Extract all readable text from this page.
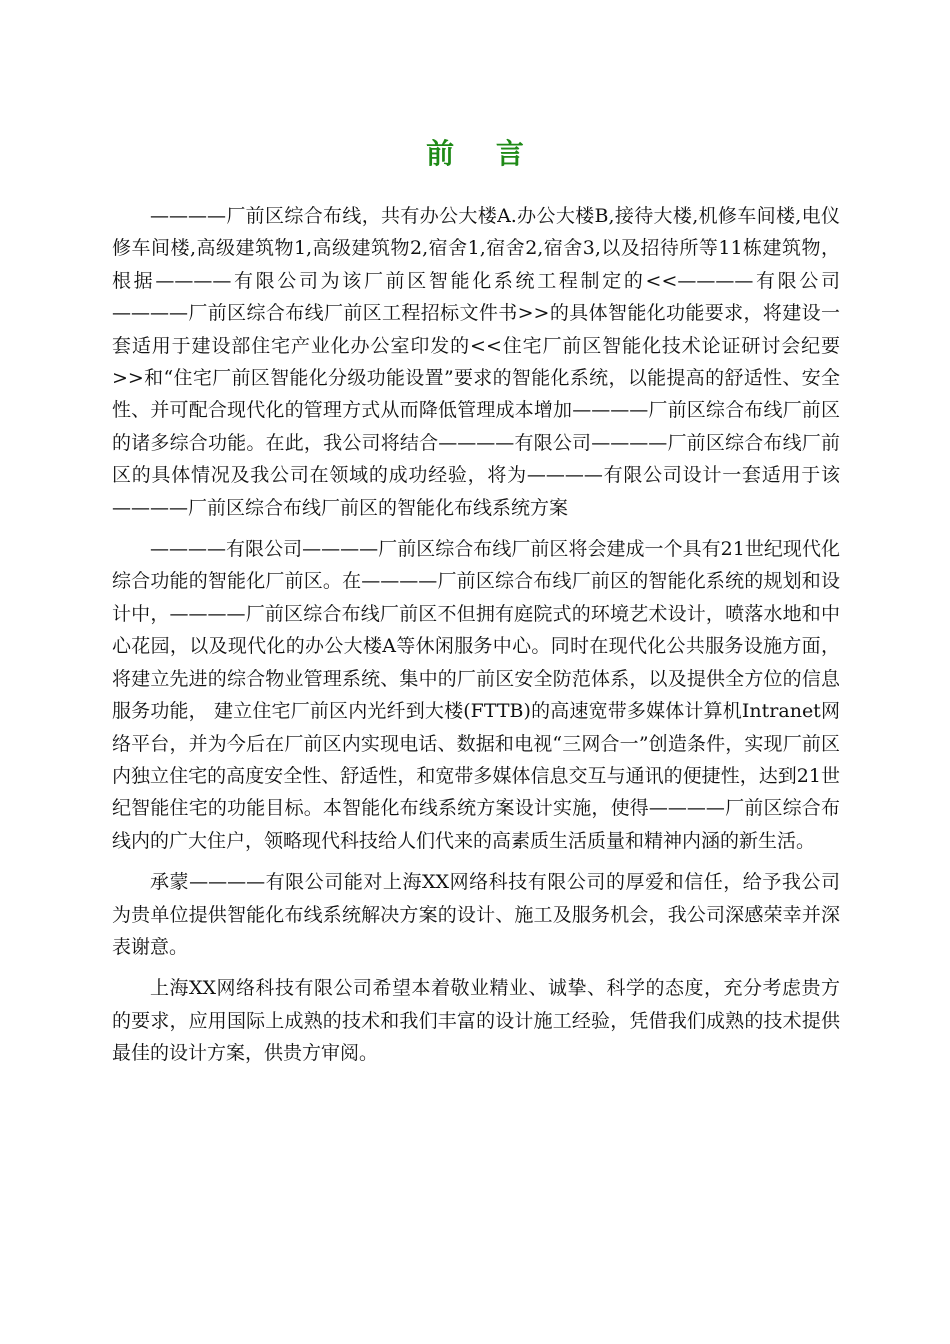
前 言

————厂前区综合布线，共有办公大楼A.办公大楼B,接待大楼,机修车间楼,电仪修车间楼,高级建筑物1,高级建筑物2,宿舍1,宿舍2,宿舍3,以及招待所等11栋建筑物，根据————有限公司为该厂前区智能化系统工程制定的<<————有限公司————厂前区综合布线厂前区工程招标文件书>>的具体智能化功能要求，将建设一套适用于建设部住宅产业化办公室印发的<<住宅厂前区智能化技术论证研讨会纪要>>和“住宅厂前区智能化分级功能设置”要求的智能化系统，以能提高的舒适性、安全性、并可配合现代化的管理方式从而降低管理成本增加————厂前区综合布线厂前区的诸多综合功能。在此，我公司将结合————有限公司————厂前区综合布线厂前区的具体情况及我公司在领域的成功经验，将为————有限公司设计一套适用于该————厂前区综合布线厂前区的智能化布线系统方案

————有限公司————厂前区综合布线厂前区将会建成一个具有21世纪现代化综合功能的智能化厂前区。在————厂前区综合布线厂前区的智能化系统的规划和设计中，————厂前区综合布线厂前区不但拥有庭院式的环境艺术设计，喷落水地和中心花园，以及现代化的办公大楼A等休闲服务中心。同时在现代化公共服务设施方面，将建立先进的综合物业管理系统、集中的厂前区安全防范体系，以及提供全方位的信息服务功能， 建立住宅厂前区内光纤到大楼(FTTB)的高速宽带多媒体计算机Intranet网络平台，并为今后在厂前区内实现电话、数据和电视“三网合一”创造条件，实现厂前区内独立住宅的高度安全性、舒适性，和宽带多媒体信息交互与通讯的便捷性，达到21世纪智能住宅的功能目标。本智能化布线系统方案设计实施，使得————厂前区综合布线内的广大住户，领略现代科技给人们代来的高素质生活质量和精神内涵的新生活。

承蒙————有限公司能对上海XX网络科技有限公司的厚爱和信任，给予我公司为贵单位提供智能化布线系统解决方案的设计、施工及服务机会，我公司深感荣幸并深表谢意。

上海XX网络科技有限公司希望本着敬业精业、诚挚、科学的态度，充分考虑贵方的要求，应用国际上成熟的技术和我们丰富的设计施工经验，凭借我们成熟的技术提供最佳的设计方案，供贵方审阅。
